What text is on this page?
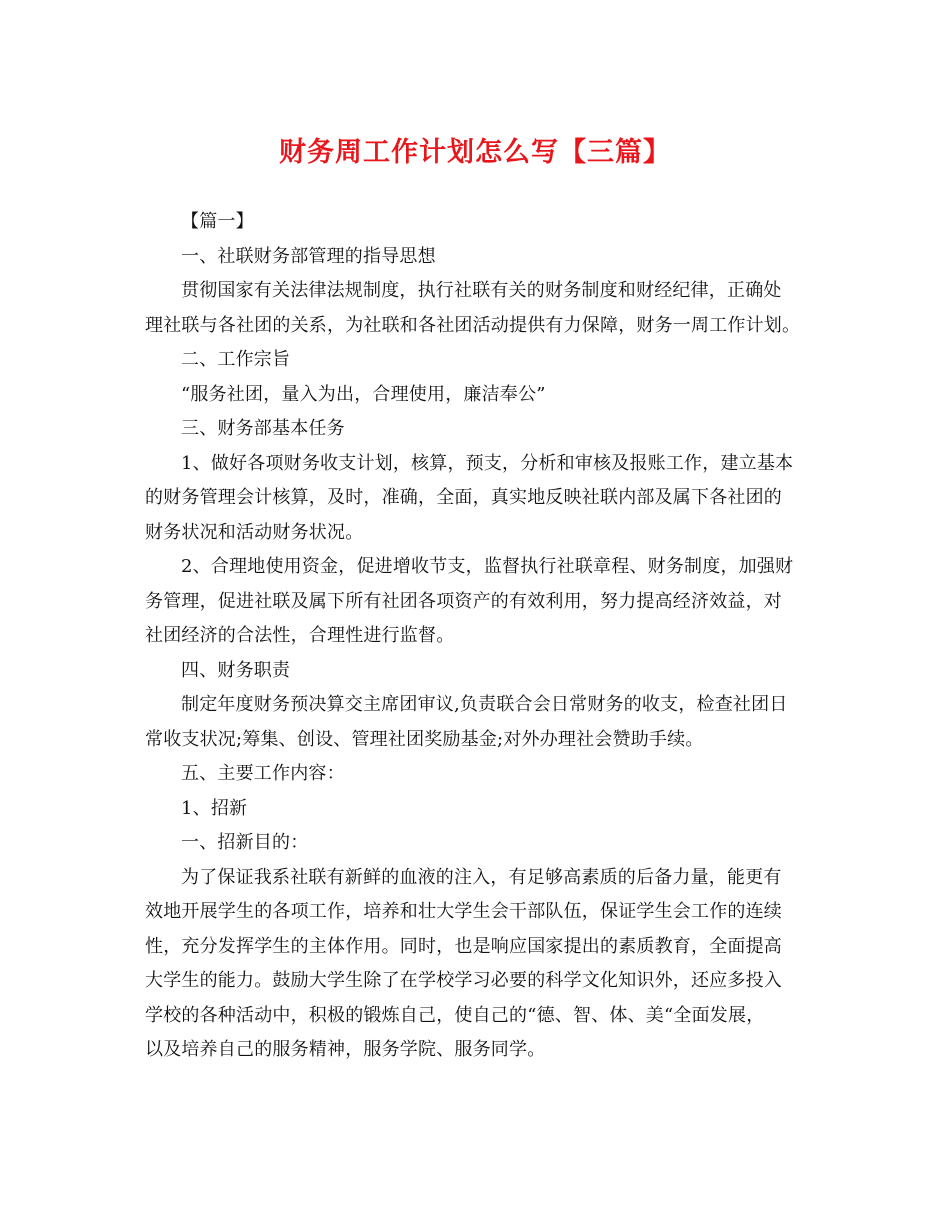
财务周工作计划怎么写【三篇】
【篇一】
一、社联财务部管理的指导思想
贯彻国家有关法律法规制度，执行社联有关的财务制度和财经纪律，正确处
理社联与各社团的关系，为社联和各社团活动提供有力保障，财务一周工作计划。
二、工作宗旨
“服务社团，量入为出，合理使用，廉洁奉公”
三、财务部基本任务
1、做好各项财务收支计划，核算，预支，分析和审核及报账工作，建立基本
的财务管理会计核算，及时，准确，全面，真实地反映社联内部及属下各社团的
财务状况和活动财务状况。
2、合理地使用资金，促进增收节支，监督执行社联章程、财务制度，加强财
务管理，促进社联及属下所有社团各项资产的有效利用，努力提高经济效益，对
社团经济的合法性，合理性进行监督。
四、财务职责
制定年度财务预决算交主席团审议,负责联合会日常财务的收支，检查社团日
常收支状况;筹集、创设、管理社团奖励基金;对外办理社会赞助手续。
五、主要工作内容：
1、招新
一、招新目的：
为了保证我系社联有新鲜的血液的注入，有足够高素质的后备力量，能更有
效地开展学生的各项工作，培养和壮大学生会干部队伍，保证学生会工作的连续
性，充分发挥学生的主体作用。同时，也是响应国家提出的素质教育，全面提高
大学生的能力。鼓励大学生除了在学校学习必要的科学文化知识外，还应多投入
学校的各种活动中，积极的锻炼自己，使自己的“德、智、体、美“全面发展，
以及培养自己的服务精神，服务学院、服务同学。
